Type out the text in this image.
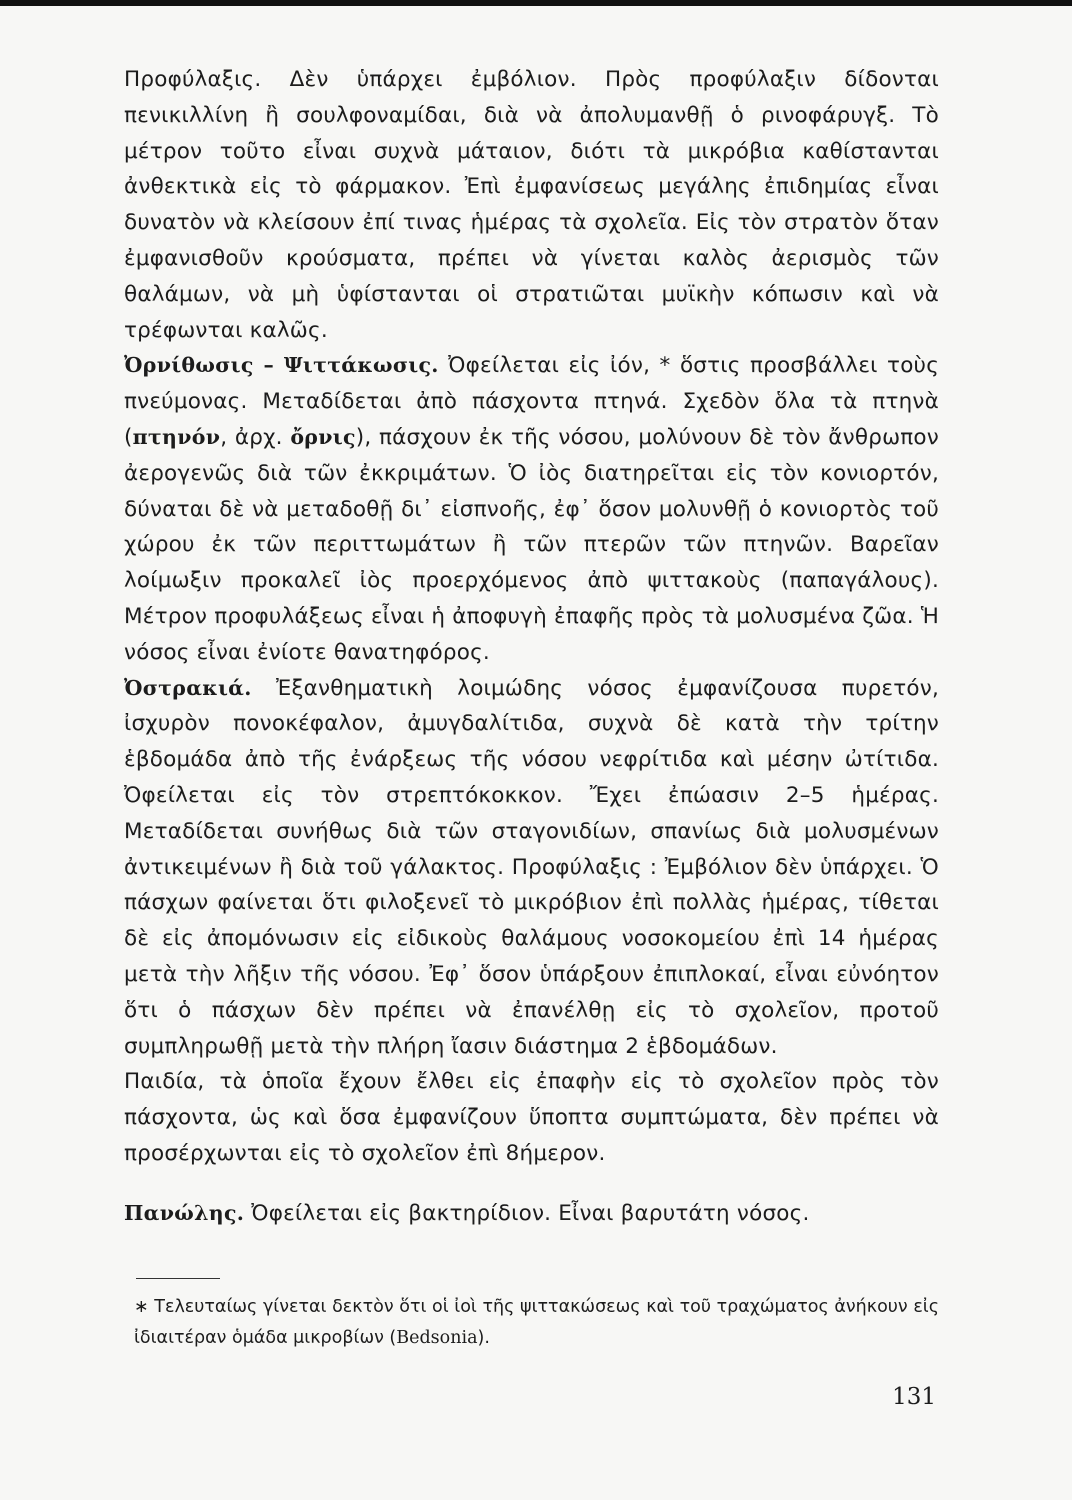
Προφύλαξις. Δὲν ὑπάρχει ἐμβόλιον. Πρὸς προφύλαξιν δίδονται πενικιλλίνη ἢ σουλφοναμίδαι, διὰ νὰ ἀπολυμανθῇ ὁ ρινοφάρυγξ. Τὸ μέτρον τοῦτο εἶναι συχνὰ μάταιον, διότι τὰ μικρόβια καθίστανται ἀνθεκτικὰ εἰς τὸ φάρμακον. Ἐπὶ ἐμφανίσεως μεγάλης ἐπιδημίας εἶναι δυνατὸν νὰ κλείσουν ἐπί τινας ἡμέρας τὰ σχολεῖα. Εἰς τὸν στρατὸν ὅταν ἐμφανισθοῦν κρούσματα, πρέπει νὰ γίνεται καλὸς ἀερισμὸς τῶν θαλάμων, νὰ μὴ ὑφίστανται οἱ στρατιῶται μυϊκὴν κόπωσιν καὶ νὰ τρέφωνται καλῶς.

Ὀρνίθωσις – Ψιττάκωσις. Ὀφείλεται εἰς ἰόν, * ὅστις προσβάλλει τοὺς πνεύμονας. Μεταδίδεται ἀπὸ πάσχοντα πτηνά. Σχεδὸν ὅλα τὰ πτηνὰ (πτηνόν, ἀρχ. ὄρνις), πάσχουν ἐκ τῆς νόσου, μολύνουν δὲ τὸν ἄνθρωπον ἀερογενῶς διὰ τῶν ἐκκριμάτων. Ὁ ἰὸς διατηρεῖται εἰς τὸν κονιορτόν, δύναται δὲ νὰ μεταδοθῇ δι᾿ εἰσπνοῆς, ἐφ᾿ ὅσον μολυνθῇ ὁ κονιορτὸς τοῦ χώρου ἐκ τῶν περιττωμάτων ἢ τῶν πτερῶν τῶν πτηνῶν. Βαρεῖαν λοίμωξιν προκαλεῖ ἰὸς προερχόμενος ἀπὸ ψιττακοὺς (παπαγάλους). Μέτρον προφυλάξεως εἶναι ἡ ἀποφυγὴ ἐπαφῆς πρὸς τὰ μολυσμένα ζῶα. Ἡ νόσος εἶναι ἐνίοτε θανατηφόρος.

Ὀστρακιά. Ἐξανθηματικὴ λοιμώδης νόσος ἐμφανίζουσα πυρετόν, ἰσχυρὸν πονοκέφαλον, ἀμυγδαλίτιδα, συχνὰ δὲ κατὰ τὴν τρίτην ἑβδομάδα ἀπὸ τῆς ἐνάρξεως τῆς νόσου νεφρίτιδα καὶ μέσην ὠτίτιδα. Ὀφείλεται εἰς τὸν στρεπτόκοκκον. Ἔχει ἐπώασιν 2–5 ἡμέρας. Μεταδίδεται συνήθως διὰ τῶν σταγονιδίων, σπανίως διὰ μολυσμένων ἀντικειμένων ἢ διὰ τοῦ γάλακτος. Προφύλαξις : Ἐμβόλιον δὲν ὑπάρχει. Ὁ πάσχων φαίνεται ὅτι φιλοξενεῖ τὸ μικρόβιον ἐπὶ πολλὰς ἡμέρας, τίθεται δὲ εἰς ἀπομόνωσιν εἰς εἰδικοὺς θαλάμους νοσοκομείου ἐπὶ 14 ἡμέρας μετὰ τὴν λῆξιν τῆς νόσου. Ἐφ᾿ ὅσον ὑπάρξουν ἐπιπλοκαί, εἶναι εὐνόητον ὅτι ὁ πάσχων δὲν πρέπει νὰ ἐπανέλθῃ εἰς τὸ σχολεῖον, προτοῦ συμπληρωθῇ μετὰ τὴν πλήρη ἴασιν διάστημα 2 ἑβδομάδων.

Παιδία, τὰ ὁποῖα ἔχουν ἔλθει εἰς ἐπαφὴν εἰς τὸ σχολεῖον πρὸς τὸν πάσχοντα, ὡς καὶ ὅσα ἐμφανίζουν ὕποπτα συμπτώματα, δὲν πρέπει νὰ προσέρχωνται εἰς τὸ σχολεῖον ἐπὶ 8ήμερον.

Πανώλης. Ὀφείλεται εἰς βακτηρίδιον. Εἶναι βαρυτάτη νόσος.

∗ Τελευταίως γίνεται δεκτὸν ὅτι οἱ ἰοὶ τῆς ψιττακώσεως καὶ τοῦ τραχώματος ἀνήκουν εἰς ἰδιαιτέραν ὁμάδα μικροβίων (Bedsonia).

131
